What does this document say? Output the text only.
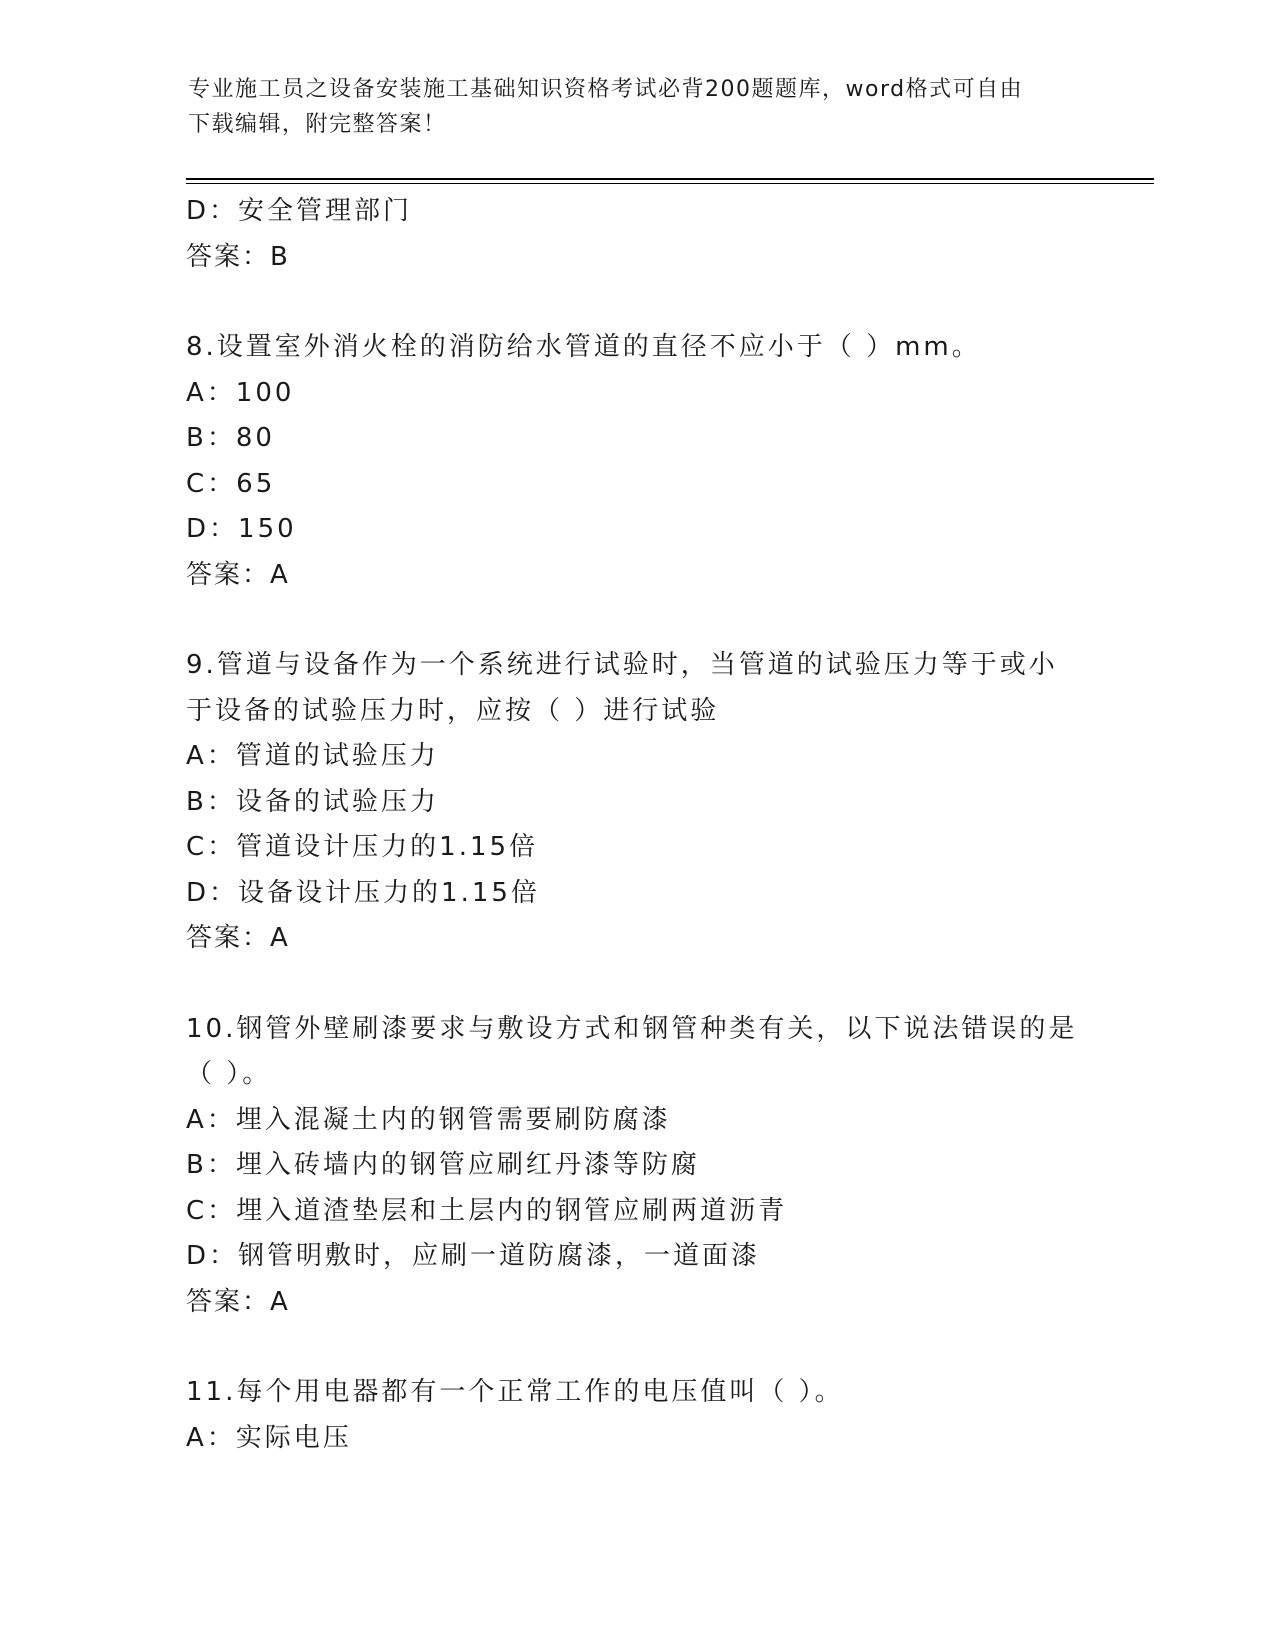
专业施工员之设备安装施工基础知识资格考试必背200题题库，word格式可自由
下载编辑，附完整答案！
D：安全管理部门
答案：B
8.设置室外消火栓的消防给水管道的直径不应小于（ ）mm。
A：100
B：80
C：65
D：150
答案：A
9.管道与设备作为一个系统进行试验时，当管道的试验压力等于或小
于设备的试验压力时，应按（ ）进行试验
A：管道的试验压力
B：设备的试验压力
C：管道设计压力的1.15倍
D：设备设计压力的1.15倍
答案：A
10.钢管外壁刷漆要求与敷设方式和钢管种类有关，以下说法错误的是
（ ）。
A：埋入混凝土内的钢管需要刷防腐漆
B：埋入砖墙内的钢管应刷红丹漆等防腐
C：埋入道渣垫层和土层内的钢管应刷两道沥青
D：钢管明敷时，应刷一道防腐漆，一道面漆
答案：A
11.每个用电器都有一个正常工作的电压值叫（ ）。
A：实际电压
